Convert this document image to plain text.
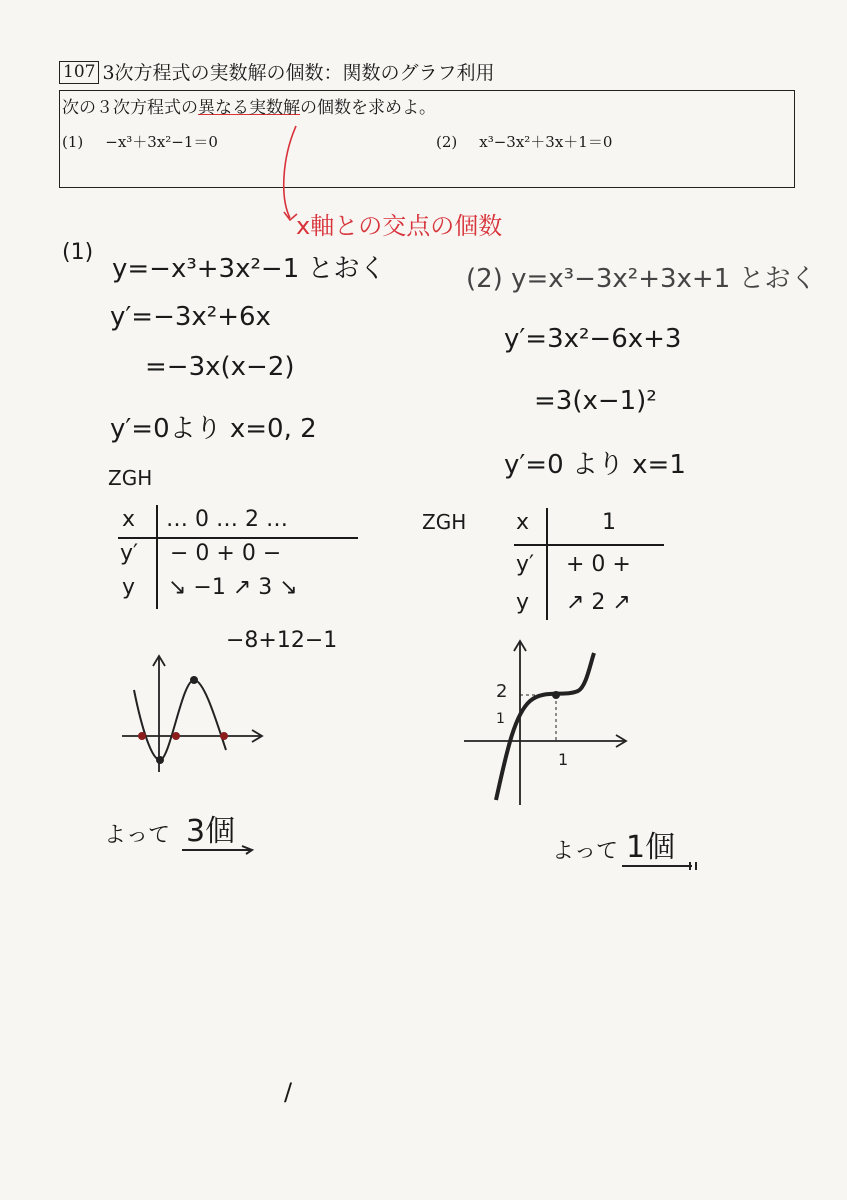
107 3次方程式の実数解の個数：関数のグラフ利用
次の３次方程式の異なる実数解の個数を求めよ。
(1) −x³＋3x²−1＝0	(2) x³−3x²＋3x＋1＝0
x軸との交点の個数
(1)
y=−x³+3x²−1 とおく
y′=−3x²+6x
=−3x(x−2)
y′=0より x=0, 2
ZGH
x … 0 … 2 …
y′ − 0 + 0 −
y ↘ −1 ↗ 3 ↘
−8+12−1
よって 3個
(2) y=x³−3x²+3x+1 とおく
y′=3x²−6x+3
=3(x−1)²
y′=0 より x=1
ZGH x	1
y′ + 0 +
y ↗ 2 ↗
2
1
1
よって 1個
/
